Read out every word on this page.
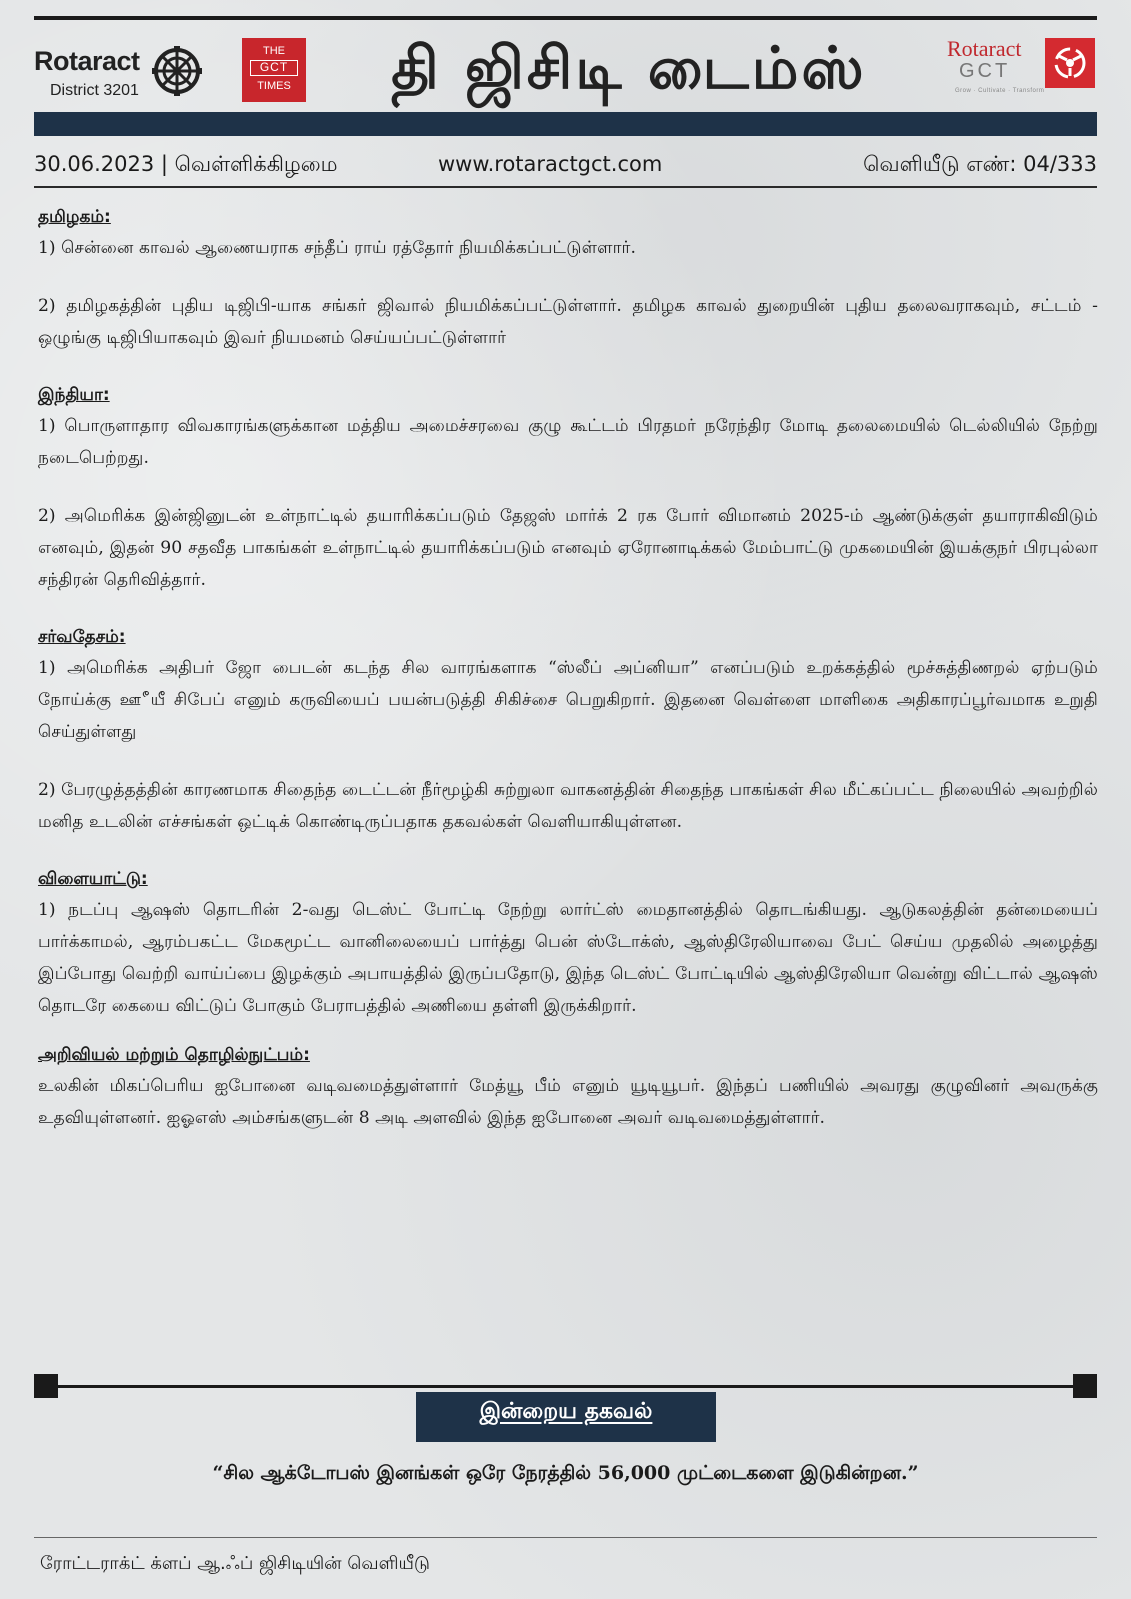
Rotaract
District 3201
THE
GCT
TIMES	தி ஜிசிடி டைம்ஸ்	Rotaract
GCT
Grow · Cultivate · Transform
30.06.2023 | வெள்ளிக்கிழமை	www.rotaractgct.com	வெளியீடு எண்: 04/333
தமிழகம்:

1) சென்னை காவல் ஆணையராக சந்தீப் ராய் ரத்தோர் நியமிக்கப்பட்டுள்ளார்.

2) தமிழகத்தின் புதிய டிஜிபி-யாக சங்கர் ஜிவால் நியமிக்கப்பட்டுள்ளார். தமிழக காவல் துறையின் புதிய தலைவராகவும், சட்டம் - ஒழுங்கு டிஜிபியாகவும் இவர் நியமனம் செய்யப்பட்டுள்ளார்

இந்தியா:

1) பொருளாதார விவகாரங்களுக்கான மத்திய அமைச்சரவை குழு கூட்டம் பிரதமர் நரேந்திர மோடி தலைமையில் டெல்லியில் நேற்று நடைபெற்றது.

2) அமெரிக்க இன்ஜினுடன் உள்நாட்டில் தயாரிக்கப்படும் தேஜஸ் மார்க் 2 ரக போர் விமானம் 2025-ம் ஆண்டுக்குள் தயாராகிவிடும் எனவும், இதன் 90 சதவீத பாகங்கள் உள்நாட்டில் தயாரிக்கப்படும் எனவும் ஏரோனாடிக்கல் மேம்பாட்டு முகமையின் இயக்குநர் பிரபுல்லா சந்திரன் தெரிவித்தார்.

சர்வதேசம்:

1) அமெரிக்க அதிபர் ஜோ பைடன் கடந்த சில வாரங்களாக “ஸ்லீப் அப்னியா” எனப்படும் உறக்கத்தில் மூச்சுத்திணறல் ஏற்படும் நோய்க்கு ஊீயீ சிபேப் எனும் கருவியைப் பயன்படுத்தி சிகிச்சை பெறுகிறார். இதனை வெள்ளை மாளிகை அதிகாரப்பூர்வமாக உறுதி செய்துள்ளது

2) பேரழுத்தத்தின் காரணமாக சிதைந்த டைட்டன் நீர்மூழ்கி சுற்றுலா வாகனத்தின் சிதைந்த பாகங்கள் சில மீட்கப்பட்ட நிலையில் அவற்றில் மனித உடலின் எச்சங்கள் ஒட்டிக் கொண்டிருப்பதாக தகவல்கள் வெளியாகியுள்ளன.

விளையாட்டு:

1) நடப்பு ஆஷஸ் தொடரின் 2-வது டெஸ்ட் போட்டி நேற்று லார்ட்ஸ் மைதானத்தில் தொடங்கியது. ஆடுகலத்தின் தன்மையைப் பார்க்காமல், ஆரம்பகட்ட மேகமூட்ட வானிலையைப் பார்த்து பென் ஸ்டோக்ஸ், ஆஸ்திரேலியாவை பேட் செய்ய முதலில் அழைத்து இப்போது வெற்றி வாய்ப்பை இழக்கும் அபாயத்தில் இருப்பதோடு, இந்த டெஸ்ட் போட்டியில் ஆஸ்திரேலியா வென்று விட்டால் ஆஷஸ் தொடரே கையை விட்டுப் போகும் பேராபத்தில் அணியை தள்ளி இருக்கிறார்.

அறிவியல் மற்றும் தொழில்நுட்பம்:

உலகின் மிகப்பெரிய ஐபோனை வடிவமைத்துள்ளார் மேத்யூ பீம் எனும் யூடியூபர். இந்தப் பணியில் அவரது குழுவினர் அவருக்கு உதவியுள்ளனர். ஐஓஎஸ் அம்சங்களுடன் 8 அடி அளவில் இந்த ஐபோனை அவர் வடிவமைத்துள்ளார்.

இன்றைய தகவல்
“சில ஆக்டோபஸ் இனங்கள் ஒரே நேரத்தில் 56,000 முட்டைகளை இடுகின்றன.”
ரோட்டராக்ட் க்ளப் ஆ.ஃப் ஜிசிடியின் வெளியீடு
